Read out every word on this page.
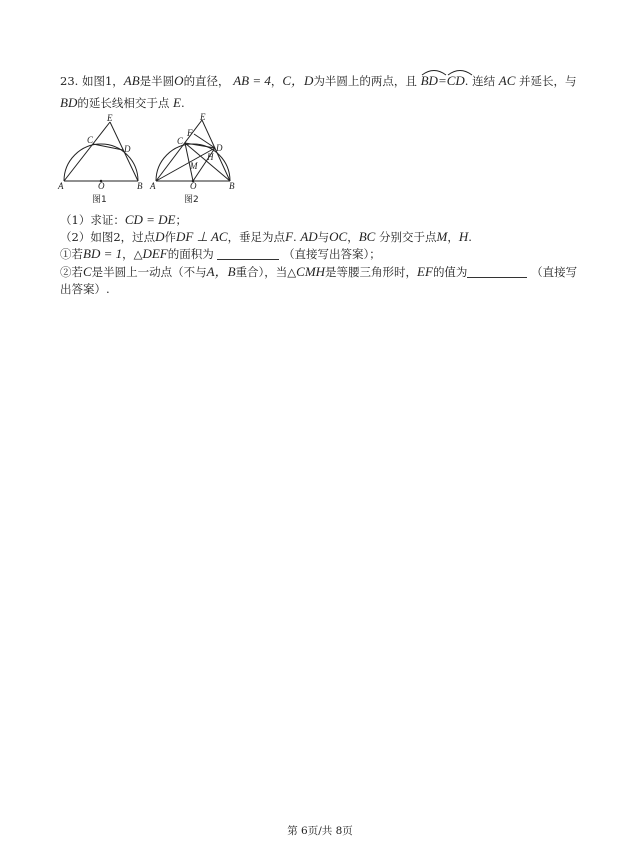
23. 如图1，AB是半圆O的直径， AB = 4，C，D为半圆上的两点，且 BD=
CD. 连结 AC 并延长，与
BD的延长线相交于点 E.
E
C
D
A	O	B
图1
E
C
F
D
H
M
A	O	B
图2
（1）求证：CD = DE；
（2）如图2，过点D作DF ⊥ AC，垂足为点F. AD与OC，BC 分别交于点M，H.
①若BD = 1，△DEF的面积为	（直接写出答案）；
②若C是半圆上一动点（不与A，B重合），当△CMH是等腰三角形时，EF的值为	（直接写
出答案）.
第 6页/共 8页
